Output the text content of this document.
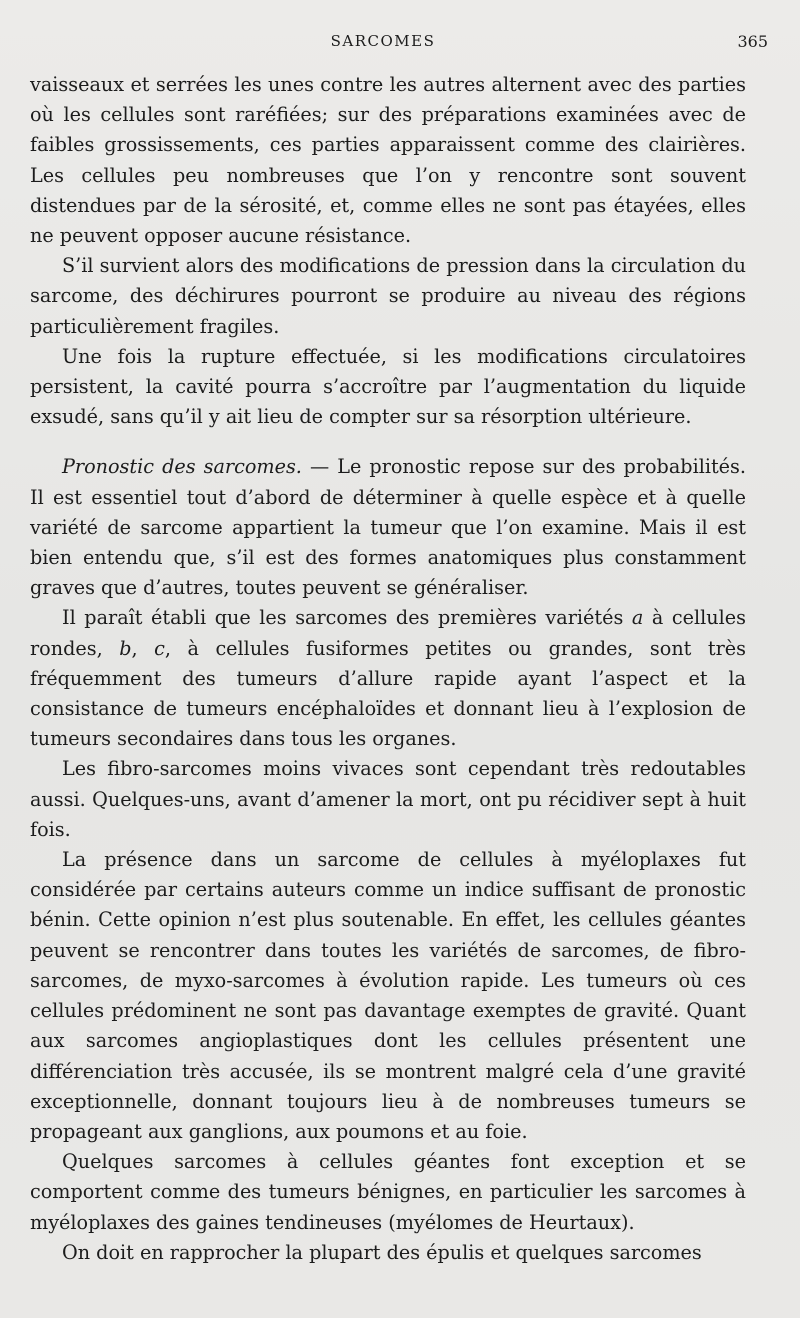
SARCOMES	365

vaisseaux et serrées les unes contre les autres alternent avec des parties où les cellules sont raréfiées; sur des préparations examinées avec de faibles grossissements, ces parties apparaissent comme des clairières. Les cellules peu nombreuses que l’on y rencontre sont souvent distendues par de la sérosité, et, comme elles ne sont pas étayées, elles ne peuvent opposer aucune résistance.

S’il survient alors des modifications de pression dans la circulation du sarcome, des déchirures pourront se produire au niveau des régions particulièrement fragiles.

Une fois la rupture effectuée, si les modifications circulatoires persistent, la cavité pourra s’accroître par l’augmentation du liquide exsudé, sans qu’il y ait lieu de compter sur sa résorption ultérieure.

Pronostic des sarcomes. — Le pronostic repose sur des probabilités. Il est essentiel tout d’abord de déterminer à quelle espèce et à quelle variété de sarcome appartient la tumeur que l’on examine. Mais il est bien entendu que, s’il est des formes anatomiques plus constamment graves que d’autres, toutes peuvent se généraliser.

Il paraît établi que les sarcomes des premières variétés a à cellules rondes, b, c, à cellules fusiformes petites ou grandes, sont très fréquemment des tumeurs d’allure rapide ayant l’aspect et la consistance de tumeurs encéphaloïdes et donnant lieu à l’explosion de tumeurs secondaires dans tous les organes.

Les fibro-sarcomes moins vivaces sont cependant très redoutables aussi. Quelques-uns, avant d’amener la mort, ont pu récidiver sept à huit fois.

La présence dans un sarcome de cellules à myéloplaxes fut considérée par certains auteurs comme un indice suffisant de pronostic bénin. Cette opinion n’est plus soutenable. En effet, les cellules géantes peuvent se rencontrer dans toutes les variétés de sarcomes, de fibro-sarcomes, de myxo-sarcomes à évolution rapide. Les tumeurs où ces cellules prédominent ne sont pas davantage exemptes de gravité. Quant aux sarcomes angioplastiques dont les cellules présentent une différenciation très accusée, ils se montrent malgré cela d’une gravité exceptionnelle, donnant toujours lieu à de nombreuses tumeurs se propageant aux ganglions, aux poumons et au foie.

Quelques sarcomes à cellules géantes font exception et se comportent comme des tumeurs bénignes, en particulier les sarcomes à myéloplaxes des gaines tendineuses (myélomes de Heurtaux).

On doit en rapprocher la plupart des épulis et quelques sarcomes
